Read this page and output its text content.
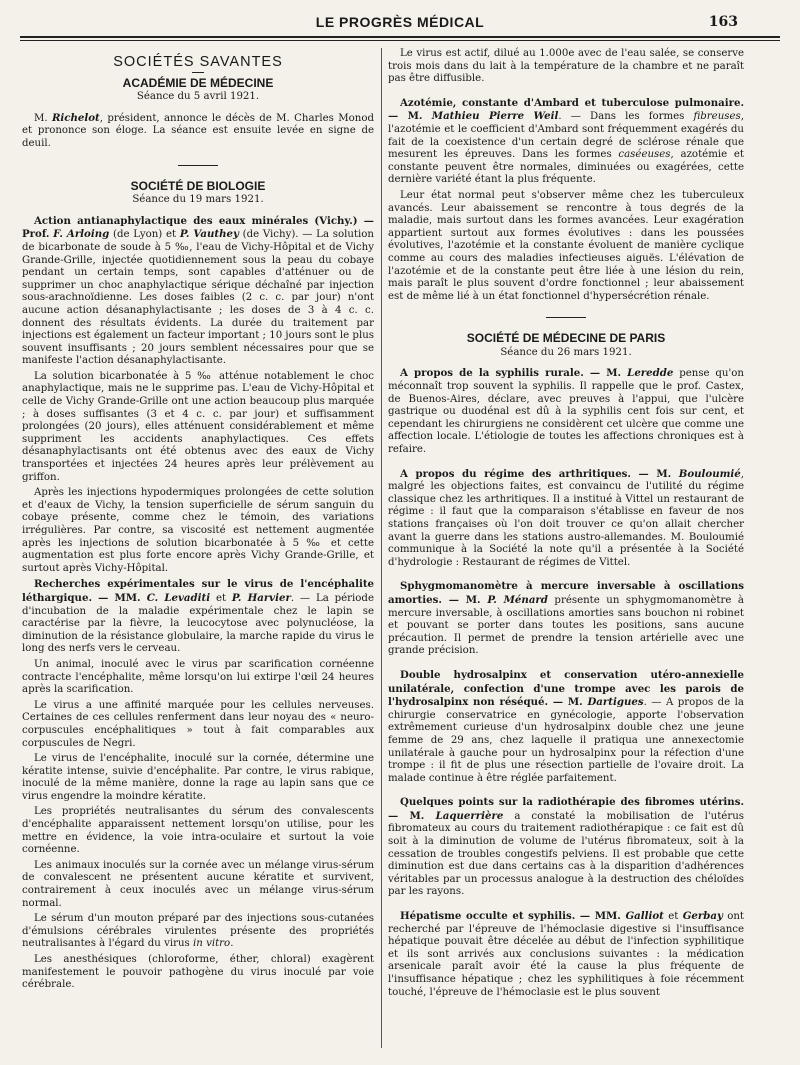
LE PROGRÈS MÉDICAL	163
SOCIÉTÉS SAVANTES
ACADÉMIE DE MÉDECINE
Séance du 5 avril 1921.

M. Richelot, président, annonce le décès de M. Charles Monod et prononce son éloge. La séance est ensuite levée en signe de deuil.

SOCIÉTÉ DE BIOLOGIE
Séance du 19 mars 1921.

Action antianaphylactique des eaux minérales (Vichy.) — Prof. F. Arloing (de Lyon) et P. Vauthey (de Vichy). — La solution de bicarbonate de soude à 5 ‰, l'eau de Vichy-Hôpital et de Vichy Grande-Grille, injectée quotidiennement sous la peau du cobaye pendant un certain temps, sont capables d'atténuer ou de supprimer un choc anaphylactique sérique déchaîné par injection sous-arachnoïdienne. Les doses faibles (2 c. c. par jour) n'ont aucune action désanaphylactisante ; les doses de 3 à 4 c. c. donnent des résultats évidents. La durée du traitement par injections est également un facteur important ; 10 jours sont le plus souvent insuffisants ; 20 jours semblent nécessaires pour que se manifeste l'action désanaphylactisante.

La solution bicarbonatée à 5 ‰ atténue notablement le choc anaphylactique, mais ne le supprime pas. L'eau de Vichy-Hôpital et celle de Vichy Grande-Grille ont une action beaucoup plus marquée ; à doses suffisantes (3 et 4 c. c. par jour) et suffisamment prolongées (20 jours), elles atténuent considérablement et même suppriment les accidents anaphylactiques. Ces effets désanaphylactisants ont été obtenus avec des eaux de Vichy transportées et injectées 24 heures après leur prélèvement au griffon.

Après les injections hypodermiques prolongées de cette solution et d'eaux de Vichy, la tension superficielle de sérum sanguin du cobaye présente, comme chez le témoin, des variations irrégulières. Par contre, sa viscosité est nettement augmentée après les injections de solution bicarbonatée à 5 ‰ et cette augmentation est plus forte encore après Vichy Grande-Grille, et surtout après Vichy-Hôpital.

Recherches expérimentales sur le virus de l'encéphalite léthargique. — MM. C. Levaditi et P. Harvier. — La période d'incubation de la maladie expérimentale chez le lapin se caractérise par la fièvre, la leucocytose avec polynucléose, la diminution de la résistance globulaire, la marche rapide du virus le long des nerfs vers le cerveau.

Un animal, inoculé avec le virus par scarification cornéenne contracte l'encéphalite, même lorsqu'on lui extirpe l'œil 24 heures après la scarification.

Le virus a une affinité marquée pour les cellules nerveuses. Certaines de ces cellules renferment dans leur noyau des « neuro-corpuscules encéphalitiques » tout à fait comparables aux corpuscules de Negri.

Le virus de l'encéphalite, inoculé sur la cornée, détermine une kératite intense, suivie d'encéphalite. Par contre, le virus rabique, inoculé de la même manière, donne la rage au lapin sans que ce virus engendre la moindre kératite.

Les propriétés neutralisantes du sérum des convalescents d'encéphalite apparaissent nettement lorsqu'on utilise, pour les mettre en évidence, la voie intra-oculaire et surtout la voie cornéenne.

Les animaux inoculés sur la cornée avec un mélange virus-sérum de convalescent ne présentent aucune kératite et survivent, contrairement à ceux inoculés avec un mélange virus-sérum normal.

Le sérum d'un mouton préparé par des injections sous-cutanées d'émulsions cérébrales virulentes présente des propriétés neutralisantes à l'égard du virus in vitro.

Les anesthésiques (chloroforme, éther, chloral) exagèrent manifestement le pouvoir pathogène du virus inoculé par voie cérébrale.

Le virus est actif, dilué au 1.000e avec de l'eau salée, se conserve trois mois dans du lait à la température de la chambre et ne paraît pas être diffusible.

Azotémie, constante d'Ambard et tuberculose pulmonaire. — M. Mathieu Pierre Weil. — Dans les formes fibreuses, l'azotémie et le coefficient d'Ambard sont fréquemment exagérés du fait de la coexistence d'un certain degré de sclérose rénale que mesurent les épreuves. Dans les formes caséeuses, azotémie et constante peuvent être normales, diminuées ou exagérées, cette dernière variété étant la plus fréquente.

Leur état normal peut s'observer même chez les tuberculeux avancés. Leur abaissement se rencontre à tous degrés de la maladie, mais surtout dans les formes avancées. Leur exagération appartient surtout aux formes évolutives : dans les poussées évolutives, l'azotémie et la constante évoluent de manière cyclique comme au cours des maladies infectieuses aiguës. L'élévation de l'azotémie et de la constante peut être liée à une lésion du rein, mais paraît le plus souvent d'ordre fonctionnel ; leur abaissement est de même lié à un état fonctionnel d'hypersécrétion rénale.

SOCIÉTÉ DE MÉDECINE DE PARIS
Séance du 26 mars 1921.

A propos de la syphilis rurale. — M. Leredde pense qu'on méconnaît trop souvent la syphilis. Il rappelle que le prof. Castex, de Buenos-Aires, déclare, avec preuves à l'appui, que l'ulcère gastrique ou duodénal est dû à la syphilis cent fois sur cent, et cependant les chirurgiens ne considèrent cet ulcère que comme une affection locale. L'étiologie de toutes les affections chroniques est à refaire.

A propos du régime des arthritiques. — M. Bouloumié, malgré les objections faites, est convaincu de l'utilité du régime classique chez les arthritiques. Il a institué à Vittel un restaurant de régime : il faut que la comparaison s'établisse en faveur de nos stations françaises où l'on doit trouver ce qu'on allait chercher avant la guerre dans les stations austro-allemandes. M. Bouloumié communique à la Société la note qu'il a présentée à la Société d'hydrologie : Restaurant de régimes de Vittel.

Sphygmomanomètre à mercure inversable à oscillations amorties. — M. P. Ménard présente un sphygmomanomètre à mercure inversable, à oscillations amorties sans bouchon ni robinet et pouvant se porter dans toutes les positions, sans aucune précaution. Il permet de prendre la tension artérielle avec une grande précision.

Double hydrosalpinx et conservation utéro-annexielle unilatérale, confection d'une trompe avec les parois de l'hydrosalpinx non réséqué. — M. Dartigues. — A propos de la chirurgie conservatrice en gynécologie, apporte l'observation extrêmement curieuse d'un hydrosalpinx double chez une jeune femme de 29 ans, chez laquelle il pratiqua une annexectomie unilatérale à gauche pour un hydrosalpinx pour la réfection d'une trompe : il fit de plus une résection partielle de l'ovaire droit. La malade continue à être réglée parfaitement.

Quelques points sur la radiothérapie des fibromes utérins. — M. Laquerrière a constaté la mobilisation de l'utérus fibromateux au cours du traitement radiothérapique : ce fait est dû soit à la diminution de volume de l'utérus fibromateux, soit à la cessation de troubles congestifs pelviens. Il est probable que cette diminution est due dans certains cas à la disparition d'adhérences véritables par un processus analogue à la destruction des chéloïdes par les rayons.

Hépatisme occulte et syphilis. — MM. Galliot et Gerbay ont recherché par l'épreuve de l'hémoclasie digestive si l'insuffisance hépatique pouvait être décelée au début de l'infection syphilitique et ils sont arrivés aux conclusions suivantes : la médication arsenicale paraît avoir été la cause la plus fréquente de l'insuffisance hépatique ; chez les syphilitiques à foie récemment touché, l'épreuve de l'hémoclasie est le plus souvent
